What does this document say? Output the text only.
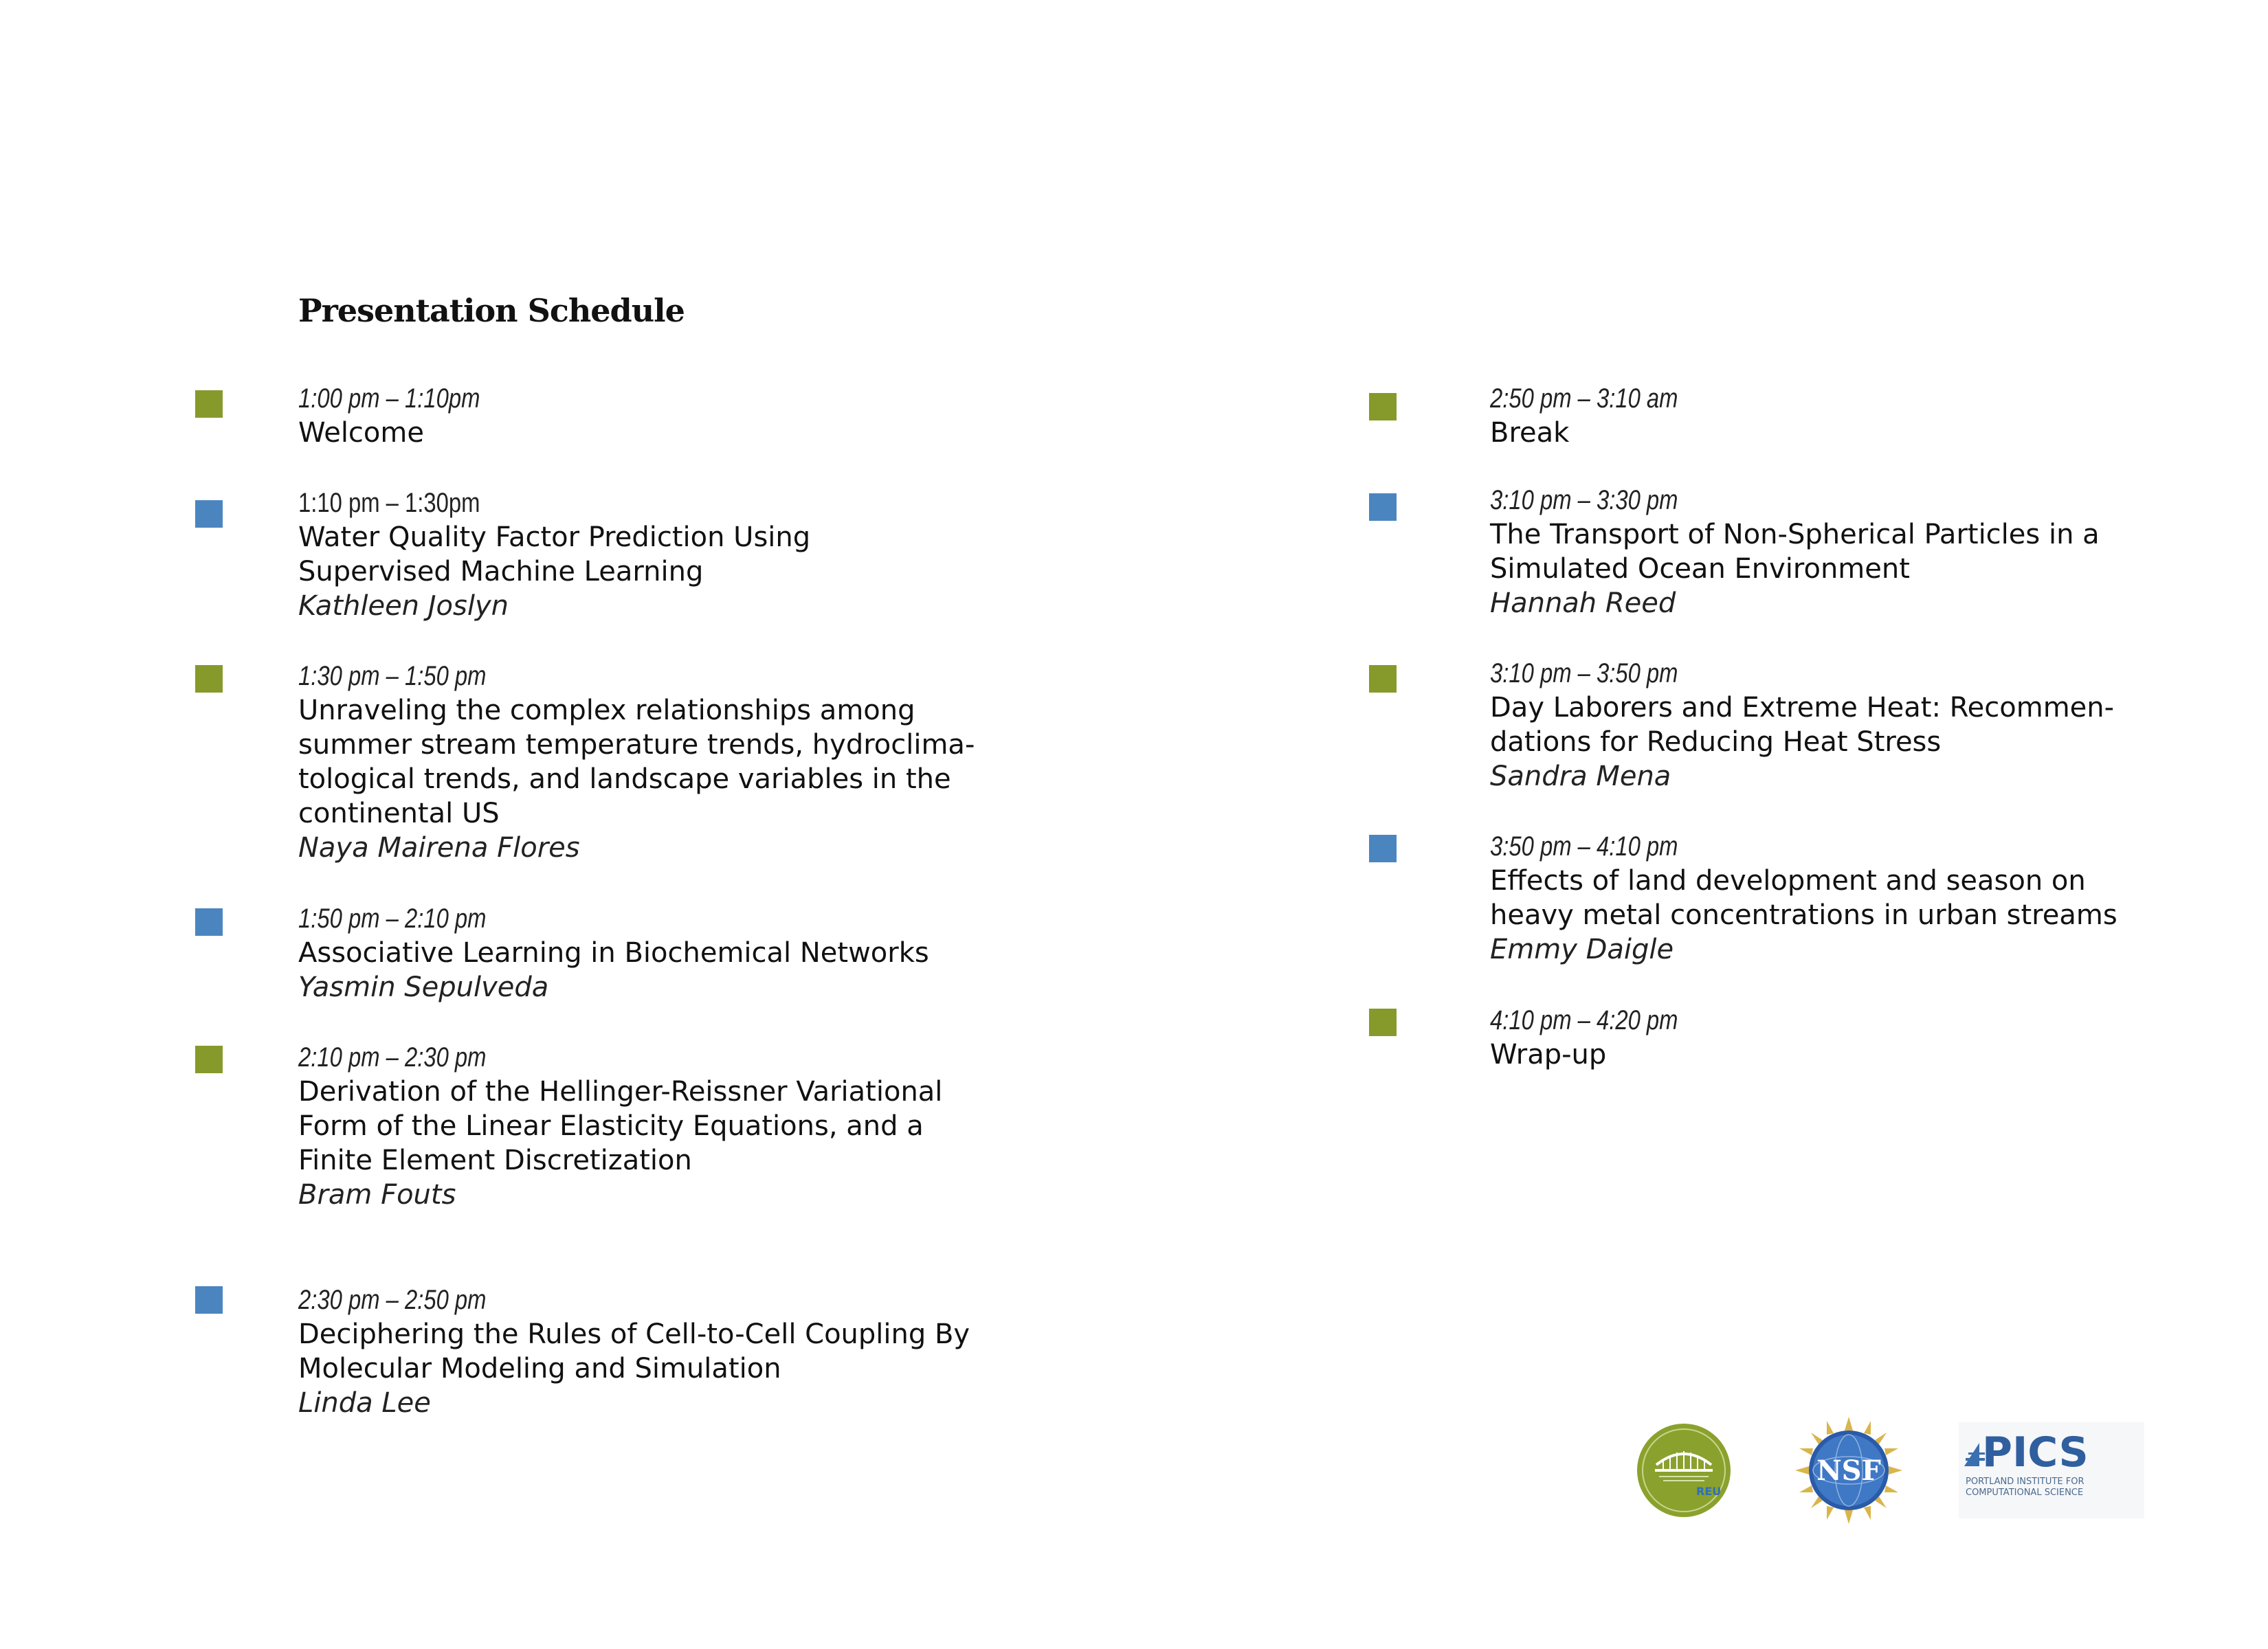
Presentation Schedule
1:00 pm – 1:10pm
Welcome
1:10 pm – 1:30pm
Water Quality Factor Prediction Using
Supervised Machine Learning
Kathleen Joslyn
1:30 pm – 1:50 pm
Unraveling the complex relationships among
summer stream temperature trends, hydroclima-
tological trends, and landscape variables in the
continental US
Naya Mairena Flores
1:50 pm – 2:10 pm
Associative Learning in Biochemical Networks
Yasmin Sepulveda
2:10 pm – 2:30 pm
Derivation of the Hellinger-Reissner Variational
Form of the Linear Elasticity Equations, and a
Finite Element Discretization
Bram Fouts
2:30 pm – 2:50 pm
Deciphering the Rules of Cell-to-Cell Coupling By
Molecular Modeling and Simulation
Linda Lee
2:50 pm – 3:10 am
Break
3:10 pm – 3:30 pm
The Transport of Non-Spherical Particles in a
Simulated Ocean Environment
Hannah Reed
3:10 pm – 3:50 pm
Day Laborers and Extreme Heat: Recommen-
dations for Reducing Heat Stress
Sandra Mena
3:50 pm – 4:10 pm
Effects of land development and season on
heavy metal concentrations in urban streams
Emmy Daigle
4:10 pm – 4:20 pm
Wrap-up
REU
NSF PICS
PORTLAND INSTITUTE FOR
COMPUTATIONAL SCIENCE
